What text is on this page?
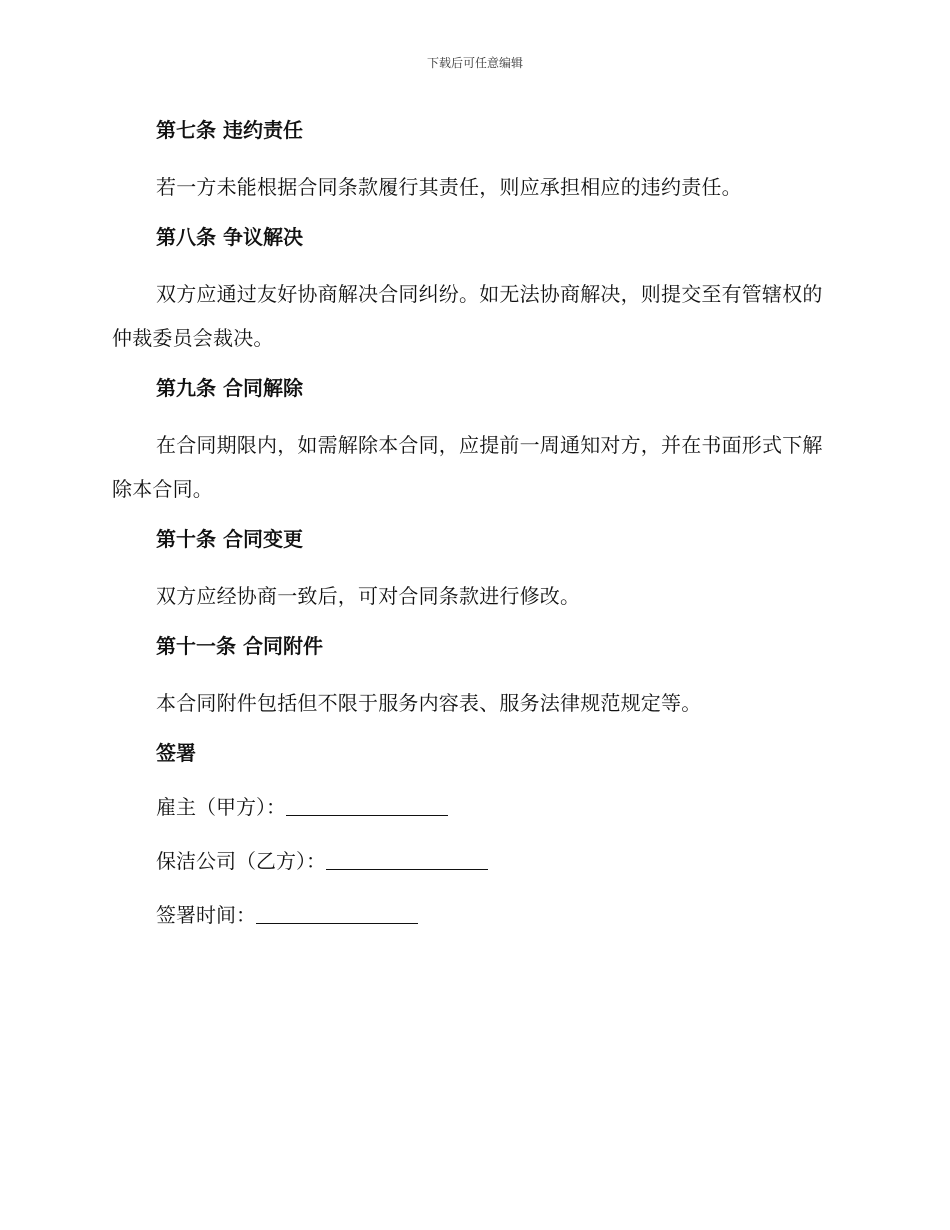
下载后可任意编辑
第七条 违约责任

若一方未能根据合同条款履行其责任，则应承担相应的违约责任。

第八条 争议解决

双方应通过友好协商解决合同纠纷。如无法协商解决，则提交至有管辖权的仲裁委员会裁决。

第九条 合同解除

在合同期限内，如需解除本合同，应提前一周通知对方，并在书面形式下解除本合同。

第十条 合同变更

双方应经协商一致后，可对合同条款进行修改。

第十一条 合同附件

本合同附件包括但不限于服务内容表、服务法律规范规定等。

签署
雇主（甲方）：
保洁公司（乙方）：
签署时间：
